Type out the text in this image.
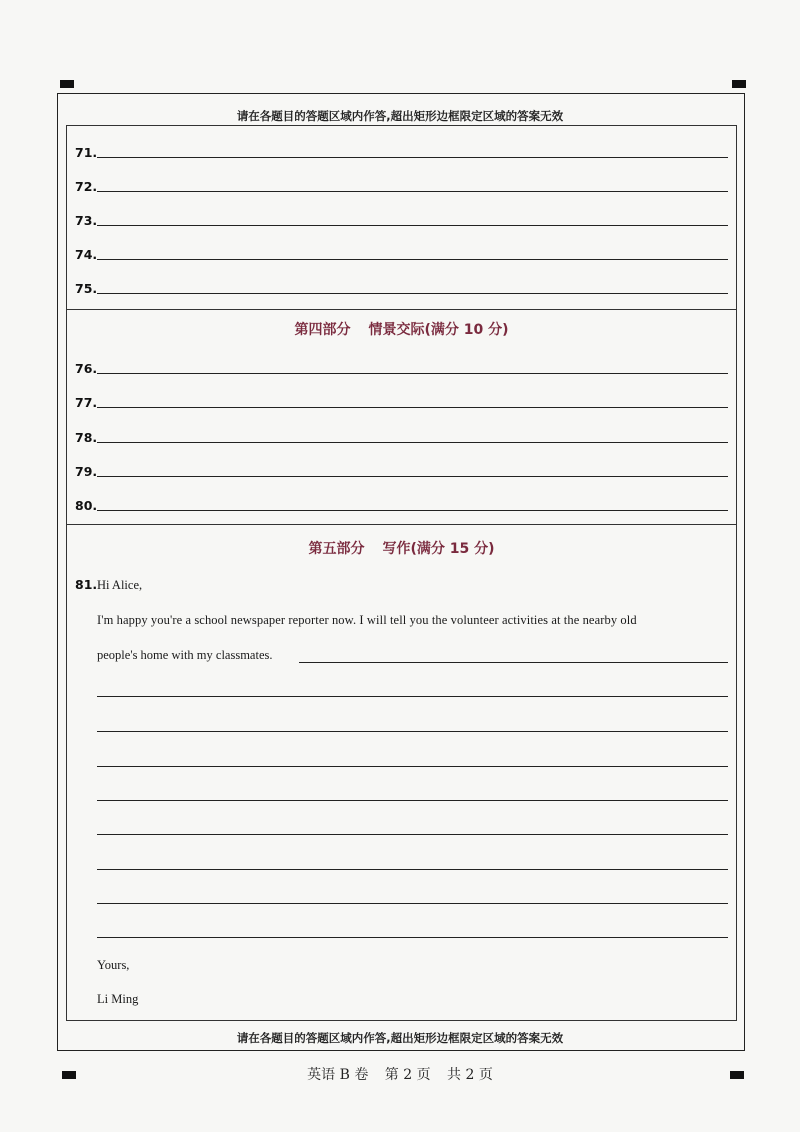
请在各题目的答题区域内作答,超出矩形边框限定区域的答案无效
71.
72.
73.
74.
75.
第四部分 情景交际(满分 10 分)
76.
77.
78.
79.
80.
第五部分 写作(满分 15 分)
81. Hi Alice,
I'm happy you're a school newspaper reporter now. I will tell you the volunteer activities at the nearby old
people's home with my classmates.
Yours,
Li Ming
请在各题目的答题区域内作答,超出矩形边框限定区域的答案无效
英语 B 卷 第 2 页 共 2 页
